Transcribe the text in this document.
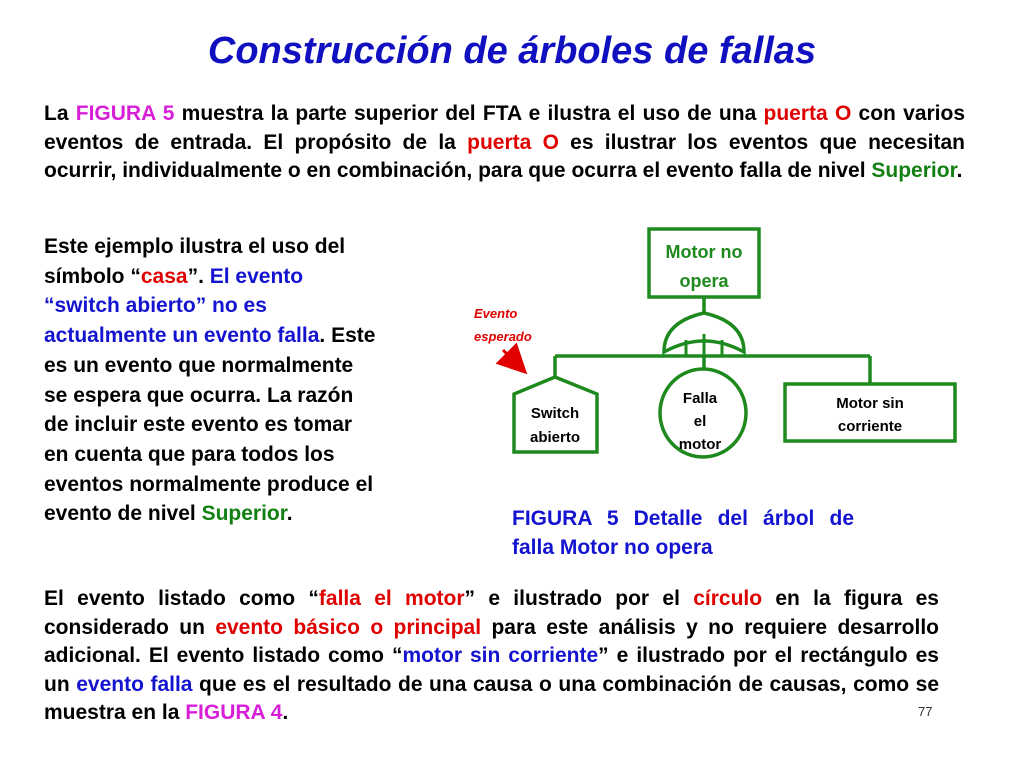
Construcción de árboles de fallas

La FIGURA 5 muestra la parte superior del FTA e ilustra el uso de una puerta O con varios eventos de entrada. El propósito de la puerta O es ilustrar los eventos que necesitan ocurrir, individualmente o en combinación, para que ocurra el evento falla de nivel Superior.

Este ejemplo ilustra el uso del símbolo “casa”. El evento “switch abierto” no es actualmente un evento falla. Este es un evento que normalmente se espera que ocurra. La razón de incluir este evento es tomar en cuenta que para todos los eventos normalmente produce el evento de nivel Superior.

Motor no
opera
Switch
abierto
Falla
el
motor
Motor sin
corriente
Evento
esperado

FIGURA 5 Detalle del árbol de falla Motor no opera

El evento listado como “falla el motor” e ilustrado por el círculo en la figura es considerado un evento básico o principal para este análisis y no requiere desarrollo adicional. El evento listado como “motor sin corriente” e ilustrado por el rectángulo es un evento falla que es el resultado de una causa o una combinación de causas, como se muestra en la FIGURA 4.	77
